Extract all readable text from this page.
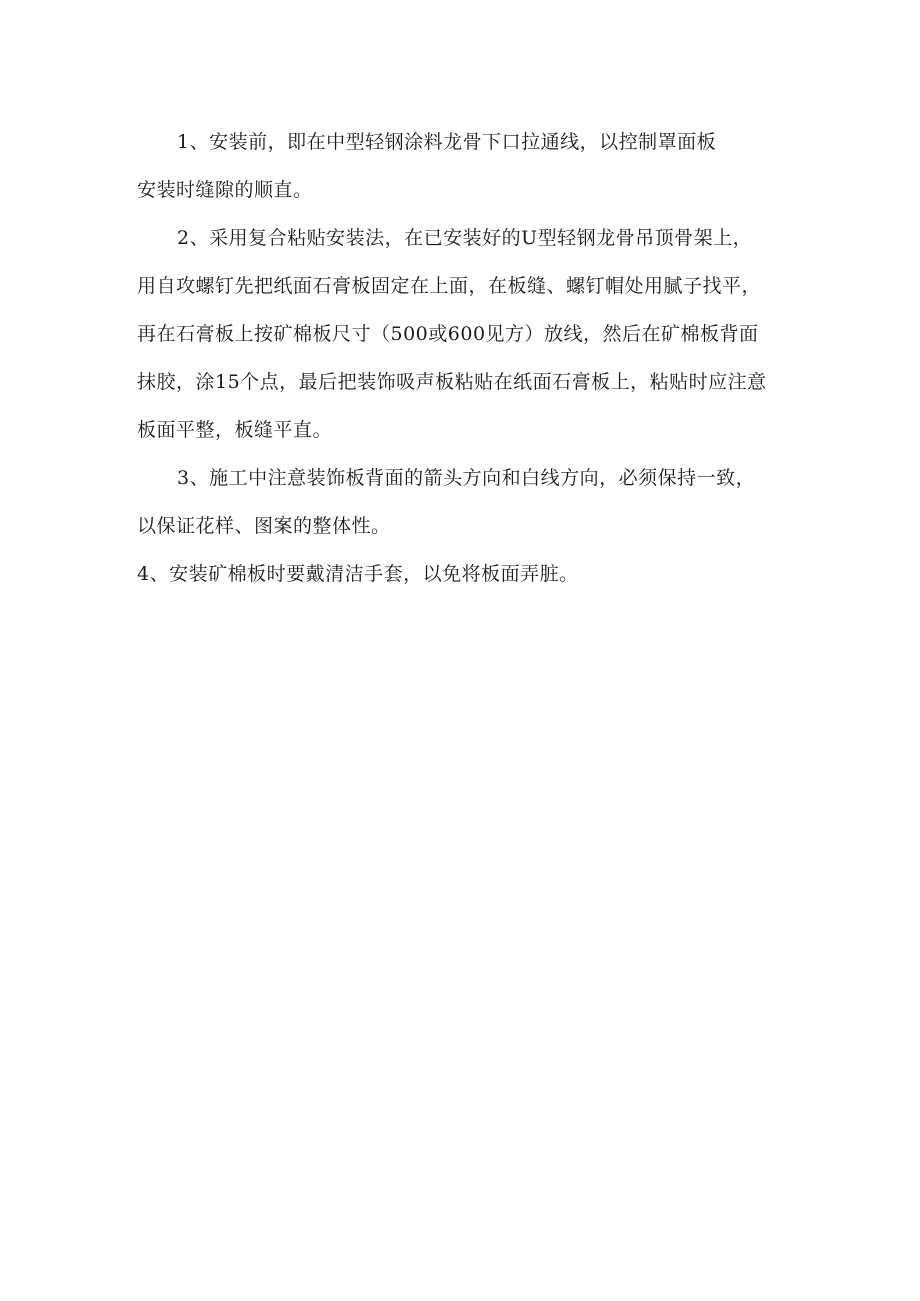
1、安装前，即在中型轻钢涂料龙骨下口拉通线，以控制罩面板
安装时缝隙的顺直。

2、采用复合粘贴安装法，在已安装好的U型轻钢龙骨吊顶骨架上，
用自攻螺钉先把纸面石膏板固定在上面，在板缝、螺钉帽处用腻子找平，
再在石膏板上按矿棉板尺寸（500或600见方）放线，然后在矿棉板背面
抹胶，涂15个点，最后把装饰吸声板粘贴在纸面石膏板上，粘贴时应注意
板面平整，板缝平直。

3、施工中注意装饰板背面的箭头方向和白线方向，必须保持一致，
以保证花样、图案的整体性。

4、安装矿棉板时要戴清洁手套，以免将板面弄脏。
